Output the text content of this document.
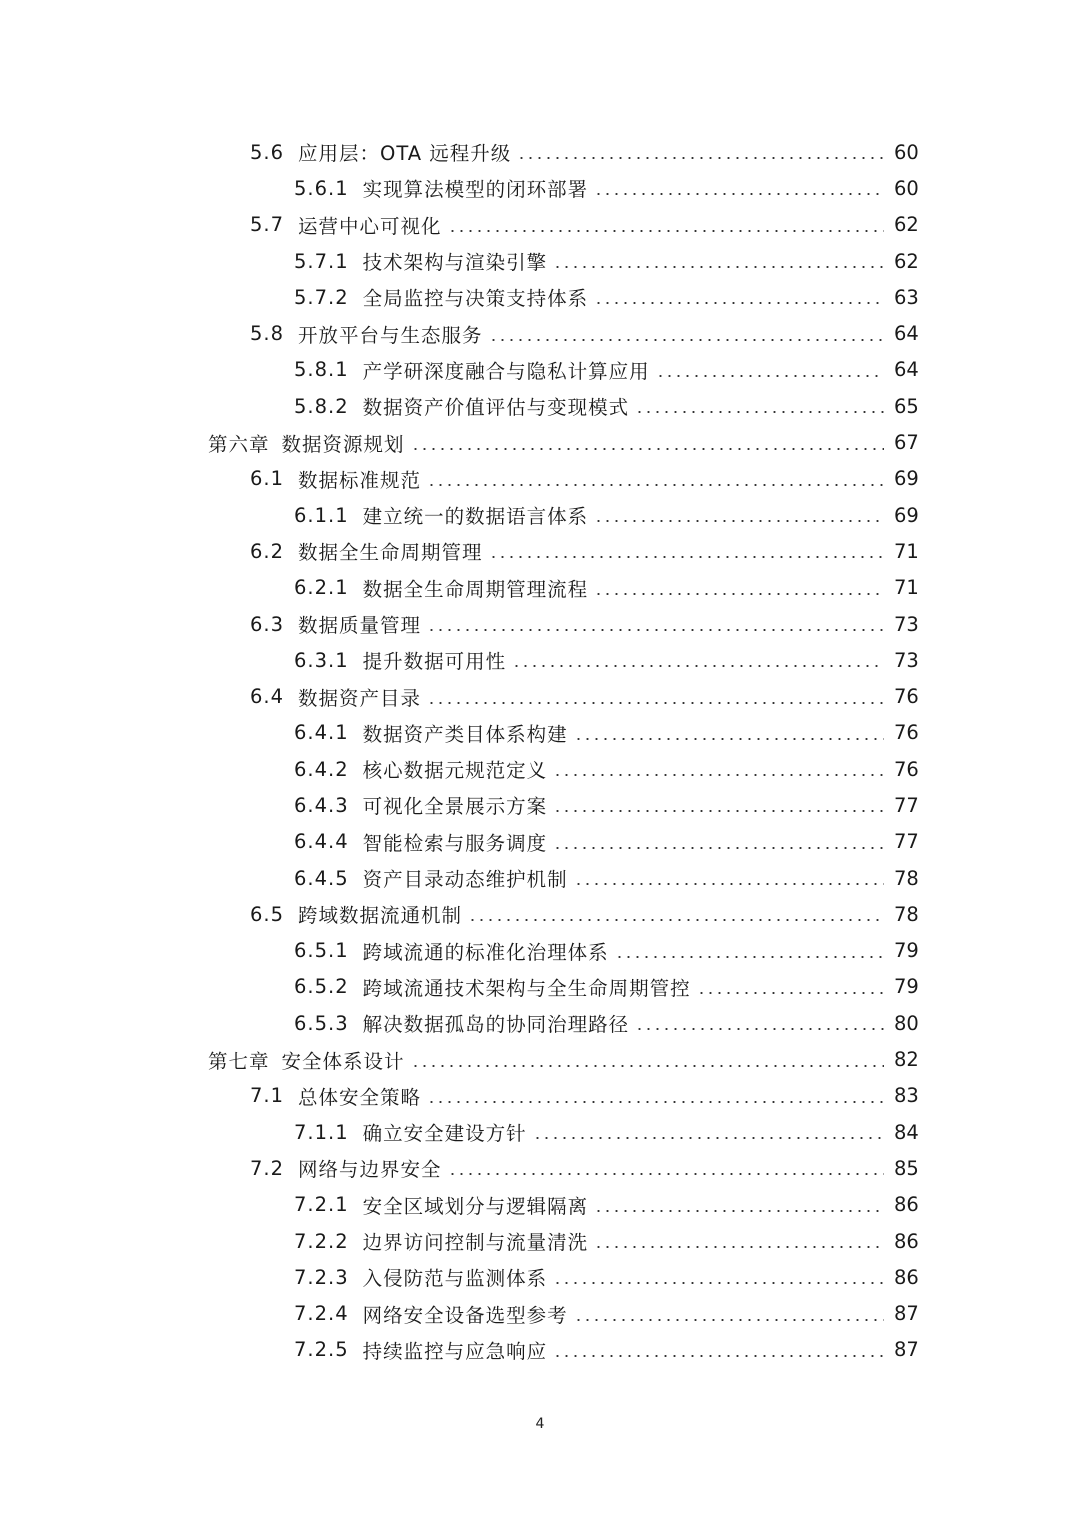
5.6 应用层：OTA 远程升级	60
5.6.1 实现算法模型的闭环部署	60
5.7 运营中心可视化	62
5.7.1 技术架构与渲染引擎	62
5.7.2 全局监控与决策支持体系	63
5.8 开放平台与生态服务	64
5.8.1 产学研深度融合与隐私计算应用	64
5.8.2 数据资产价值评估与变现模式	65
第六章 数据资源规划	67
6.1 数据标准规范	69
6.1.1 建立统一的数据语言体系	69
6.2 数据全生命周期管理	71
6.2.1 数据全生命周期管理流程	71
6.3 数据质量管理	73
6.3.1 提升数据可用性	73
6.4 数据资产目录	76
6.4.1 数据资产类目体系构建	76
6.4.2 核心数据元规范定义	76
6.4.3 可视化全景展示方案	77
6.4.4 智能检索与服务调度	77
6.4.5 资产目录动态维护机制	78
6.5 跨域数据流通机制	78
6.5.1 跨域流通的标准化治理体系	79
6.5.2 跨域流通技术架构与全生命周期管控	79
6.5.3 解决数据孤岛的协同治理路径	80
第七章 安全体系设计	82
7.1 总体安全策略	83
7.1.1 确立安全建设方针	84
7.2 网络与边界安全	85
7.2.1 安全区域划分与逻辑隔离	86
7.2.2 边界访问控制与流量清洗	86
7.2.3 入侵防范与监测体系	86
7.2.4 网络安全设备选型参考	87
7.2.5 持续监控与应急响应	87
4
